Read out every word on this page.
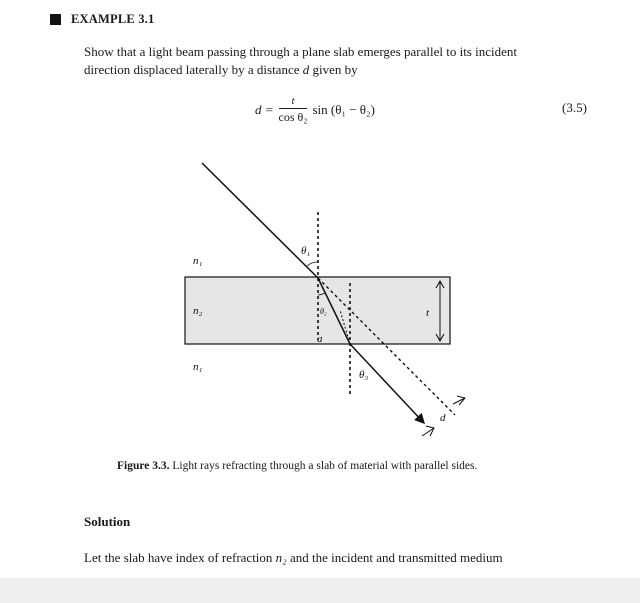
EXAMPLE 3.1
Show that a light beam passing through a plane slab emerges parallel to its incident
direction displaced laterally by a distance d given by
$d = \frac{t}{\text{cos θ₂}}$ sin (θ₁ − θ₂)	(3.5)
n₁
n₂
n₁
θ₁
θ₂
θ₃
a
t
d
Figure 3.3. Light rays refracting through a slab of material with parallel sides.
Solution
Let the slab have index of refraction n₂ and the incident and transmitted medium
